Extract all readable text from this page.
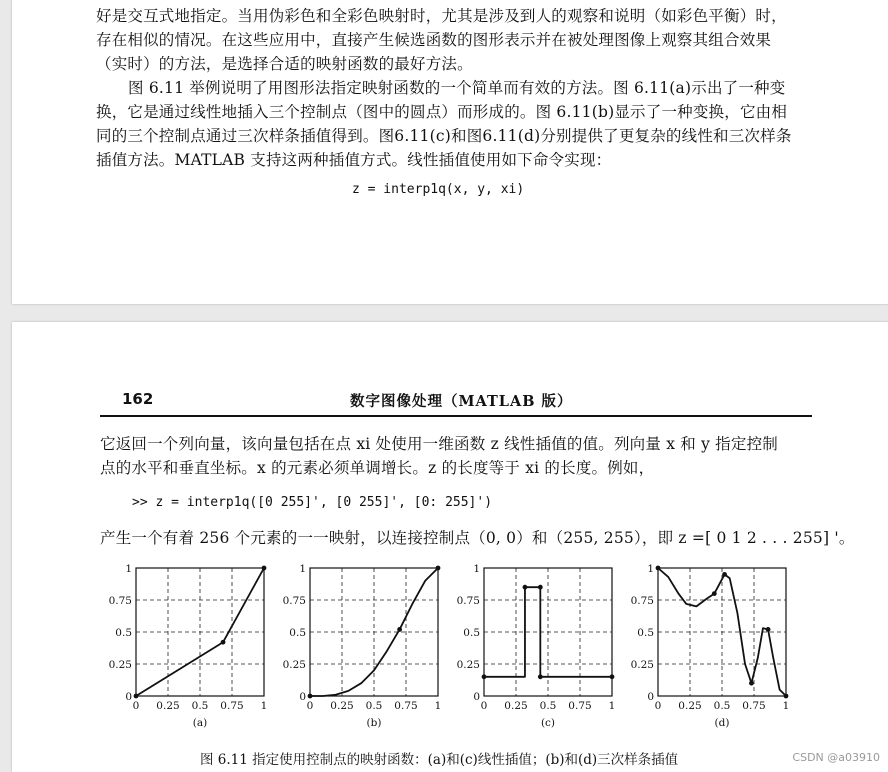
好是交互式地指定。当用伪彩色和全彩色映射时，尤其是涉及到人的观察和说明（如彩色平衡）时，
存在相似的情况。在这些应用中，直接产生候选函数的图形表示并在被处理图像上观察其组合效果
（实时）的方法，是选择合适的映射函数的最好方法。
图 6.11 举例说明了用图形法指定映射函数的一个简单而有效的方法。图 6.11(a)示出了一种变
换，它是通过线性地插入三个控制点（图中的圆点）而形成的。图 6.11(b)显示了一种变换，它由相
同的三个控制点通过三次样条插值得到。图6.11(c)和图6.11(d)分别提供了更复杂的线性和三次样条
插值方法。MATLAB 支持这两种插值方式。线性插值使用如下命令实现：
z = interp1q(x, y, xi)
162	数字图像处理（MATLAB 版）
它返回一个列向量，该向量包括在点 xi 处使用一维函数 z 线性插值的值。列向量 x 和 y 指定控制
点的水平和垂直坐标。x 的元素必须单调增长。z 的长度等于 xi 的长度。例如，
>> z = interp1q([0 255]', [0 255]', [0: 255]')
产生一个有着 256 个元素的一一映射，以连接控制点（0, 0）和（255, 255），即 z =[ 0 1 2 . . . 255] '。
0 0.25 0.5 0.75 1
0
0.25
0.5
0.75
1
(a)
0 0.25 0.5 0.75 1
0
0.25
0.5
0.75
1
(b)
0 0.25 0.5 0.75 1
0
0.25
0.5
0.75
1
(c)
0 0.25 0.5 0.75 1
0
0.25
0.5
0.75
1
(d)
图 6.11 指定使用控制点的映射函数：(a)和(c)线性插值；(b)和(d)三次样条插值	CSDN @a03910
